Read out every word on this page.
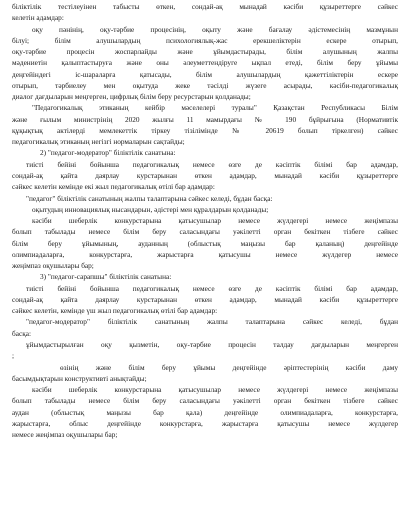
біліктілік тестілеуінен табысты өткен, сондай-ақ мынадай кәсіби құзыреттерге сәйкес
келетін адамдар:
оқу пәнінің, оқу-тәрбие процесінің, оқыту және бағалау әдістемесінің мазмұнын
білуі; білім алушылардың психологиялық-жас ерекшеліктерін ескере отырып,
оқу-тәрбие процесін жоспарлайды және ұйымдастырады, білім алушының жалпы
мәдениетін қалыптастыруға және оны әлеуметтендіруге ықпал етеді, білім беру ұйымы
деңгейіндегі іс-шараларға қатысады, білім алушылардың қажеттіліктерін ескере
отырып, тәрбиелеу мен оқытуда жеке тәсілді жүзеге асырады, кәсіби-педагогикалық
диалог дағдыларын меңгерген, цифрлық білім беру ресурстарын қолданады;
"Педагогикалық этиканың кейбір мәселелері туралы" Қазақстан Республикасы Білім
және ғылым министрінің 2020 жылғы 11 мамырдағы № 190 бұйрығына (Нормативтік
құқықтық актілерді мемлекеттік тіркеу тізілімінде № 20619 болып тіркелген) сәйкес
педагогикалық этиканың негізгі нормаларын сақтайды;
2) "педагог-модератор" біліктілік санатына:
тиісті бейіні бойынша педагогикалық немесе өзге де кәсіптік білімі бар адамдар,
сондай-ақ қайта даярлау курстарынан өткен адамдар, мынадай кәсіби құзыреттерге
сәйкес келетін кемінде екі жыл педагогикалық өтілі бар адамдар:
"педагог" біліктілік санатының жалпы талаптарына сәйкес келеді, бұдан басқа:
оқытудың инновациялық нысандарын, әдістері мен құралдарын қолданады;
кәсіби шеберлік конкурстарына қатысушылар немесе жүлдегері немесе жеңімпазы
болып табылады немесе білім беру саласындағы уәкілетті орган бекіткен тізбеге сәйкес
білім беру ұйымының, ауданның (облыстық маңызы бар қаланың) деңгейінде
олимпиадаларға, конкурстарға, жарыстарға қатысушы немесе жүлдегер немесе
жеңімпаз оқушылары бар;
3) "педагог-сарапшы" біліктілік санатына:
тиісті бейіні бойынша педагогикалық немесе өзге де кәсіптік білімі бар адамдар,
сондай-ақ қайта даярлау курстарынан өткен адамдар, мынадай кәсіби құзыреттерге
сәйкес келетін, кемінде үш жыл педагогикалық өтілі бар адамдар:
"педагог-модератор" біліктілік санатының жалпы талаптарына сәйкес келеді, бұдан
басқа:
ұйымдастырылған оқу қызметін, оқу-тәрбие процесін талдау дағдыларын меңгерген
;
өзінің және білім беру ұйымы деңгейінде әріптестерінің кәсіби даму
басымдықтарын конструктивті анықтайды;
кәсіби шеберлік конкурстарына қатысушылар немесе жүлдегері немесе жеңімпазы
болып табылады немесе білім беру саласындағы уәкілетті орган бекіткен тізбеге сәйкес
аудан (облыстық маңызы бар қала) деңгейінде олимпиадаларға, конкурстарға,
жарыстарға, облыс деңгейінде конкурстарға, жарыстарға қатысушы немесе жүлдегер
немесе жеңімпаз оқушылары бар;
